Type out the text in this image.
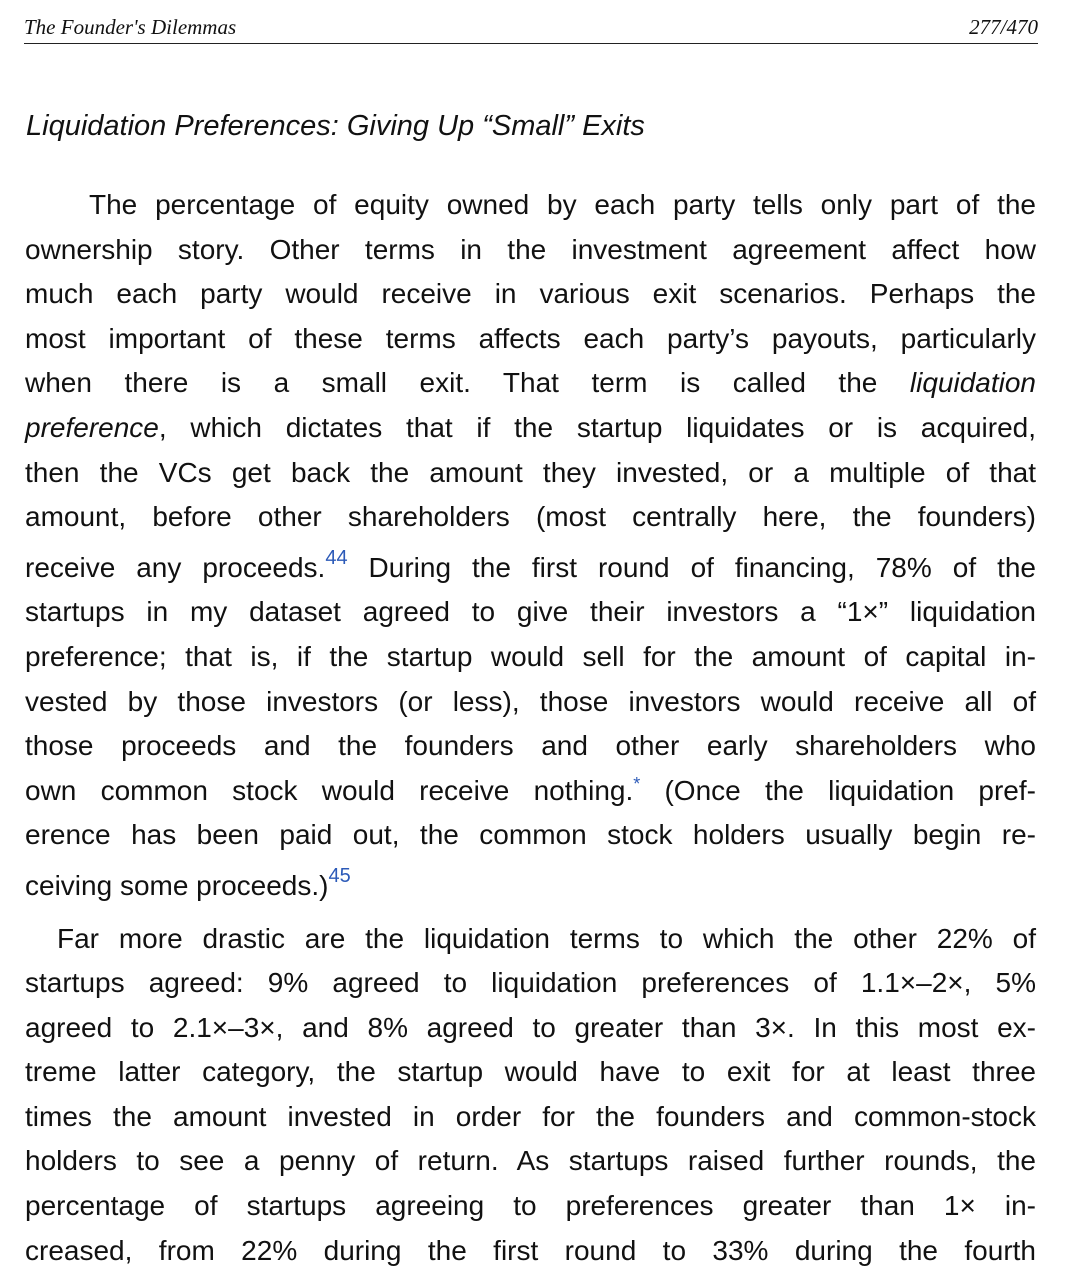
The Founder's Dilemmas	277/470
Liquidation Preferences: Giving Up “Small” Exits
The percentage of equity owned by each party tells only part of the
ownership story. Other terms in the investment agreement affect how
much each party would receive in various exit scenarios. Perhaps the
most important of these terms affects each party’s payouts, particularly
when there is a small exit. That term is called the liquidation
preference, which dictates that if the startup liquidates or is acquired,
then the VCs get back the amount they invested, or a multiple of that
amount, before other shareholders (most centrally here, the founders)
receive any proceeds.$^{44}$ During the first round of financing, 78% of the
startups in my dataset agreed to give their investors a “1×” liquidation
preference; that is, if the startup would sell for the amount of capital in-
vested by those investors (or less), those investors would receive all of
those proceeds and the founders and other early shareholders who
own common stock would receive nothing.* (Once the liquidation pref-
erence has been paid out, the common stock holders usually begin re-
ceiving some proceeds.)$^{45}$
Far more drastic are the liquidation terms to which the other 22% of
startups agreed: 9% agreed to liquidation preferences of 1.1×–2×, 5%
agreed to 2.1×–3×, and 8% agreed to greater than 3×. In this most ex-
treme latter category, the startup would have to exit for at least three
times the amount invested in order for the founders and common-stock
holders to see a penny of return. As startups raised further rounds, the
percentage of startups agreeing to preferences greater than 1× in-
creased, from 22% during the first round to 33% during the fourth
